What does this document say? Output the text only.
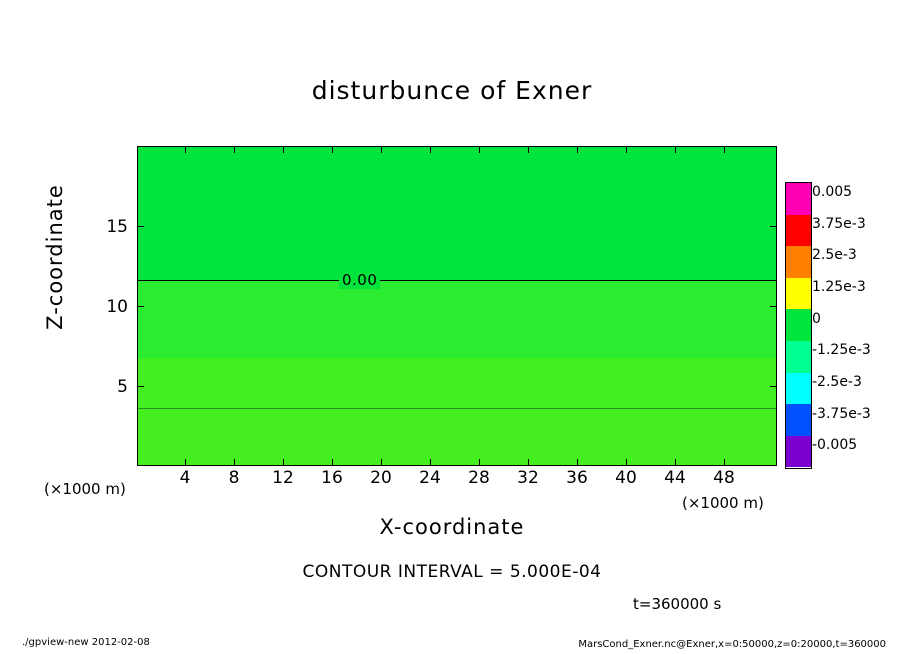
disturbunce of Exner
0.00
4	8	12	16	20	24	28	32	36	40	44	48
5
10
15
Z-coordinate
X-coordinate
(×1000 m)
(×1000 m)
CONTOUR INTERVAL = 5.000E-04
t=360000 s
./gpview-new 2012-02-08	MarsCond_Exner.nc@Exner,x=0:50000,z=0:20000,t=360000
0.005
3.75e-3
2.5e-3
1.25e-3
0
-1.25e-3
-2.5e-3
-3.75e-3
-0.005
